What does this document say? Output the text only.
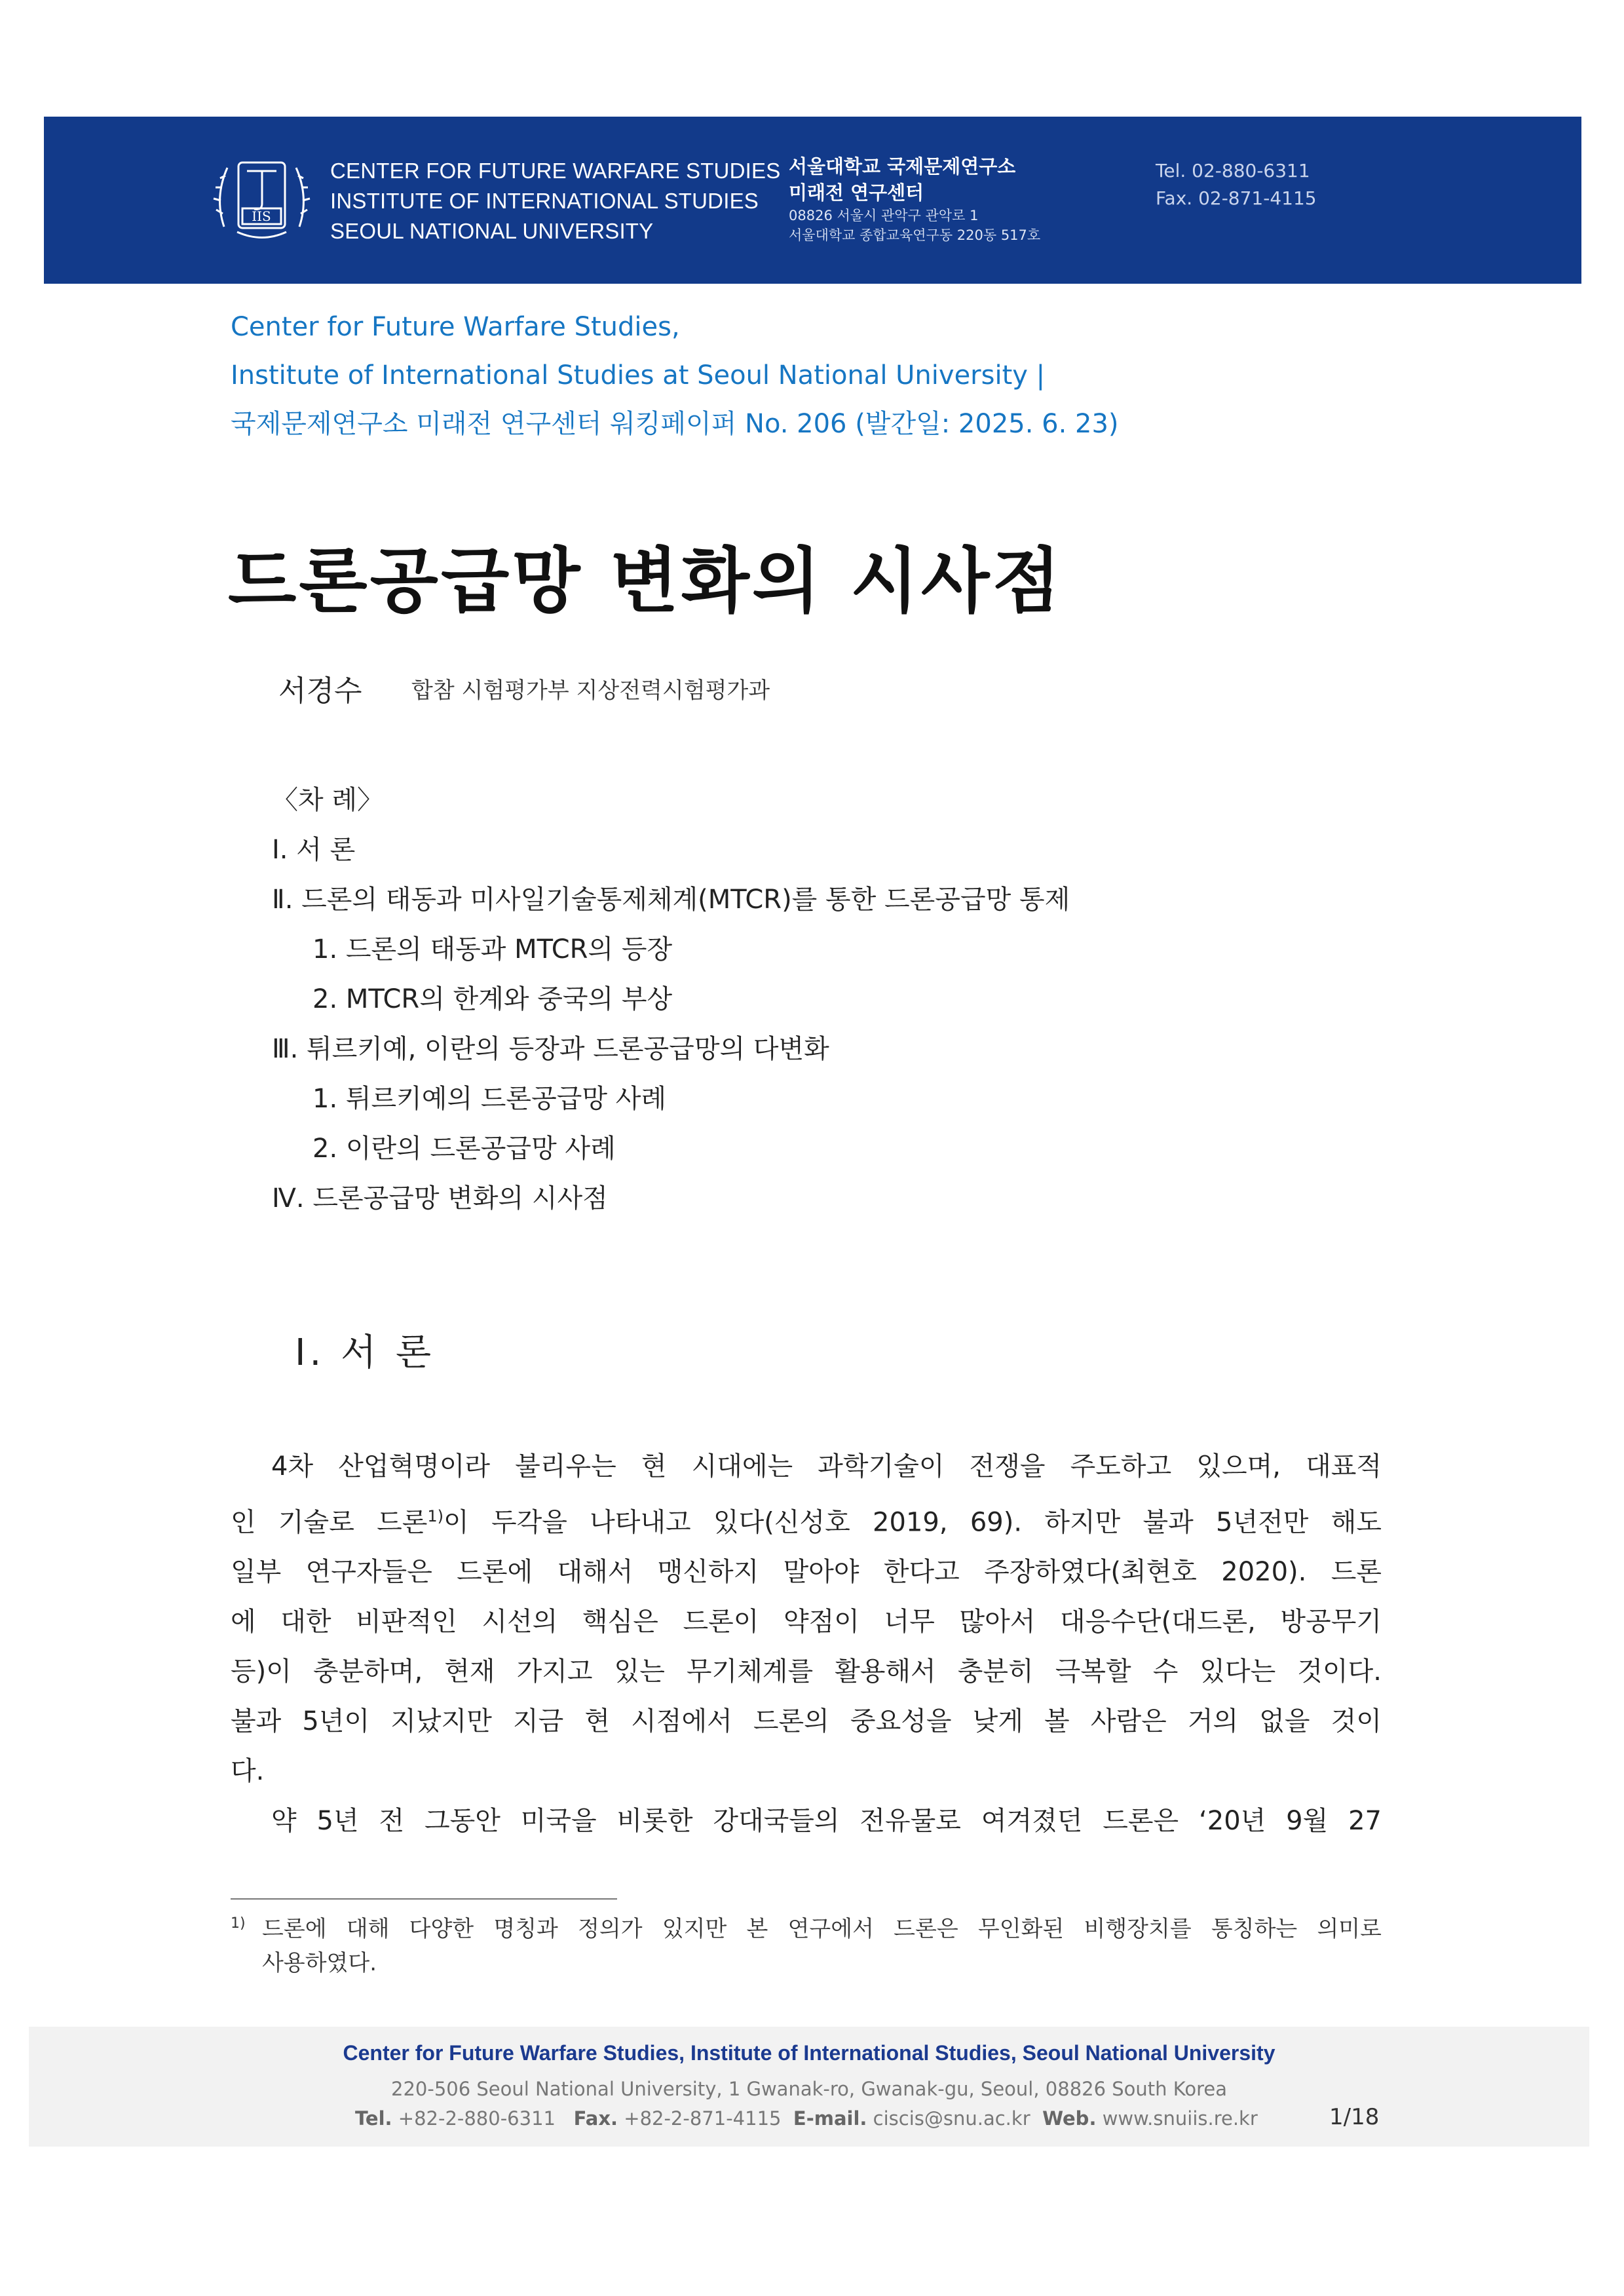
IIS
CENTER FOR FUTURE WARFARE STUDIES
INSTITUTE OF INTERNATIONAL STUDIES
SEOUL NATIONAL UNIVERSITY
서울대학교 국제문제연구소
미래전 연구센터
08826 서울시 관악구 관악로 1
서울대학교 종합교육연구동 220동 517호
Tel. 02-880-6311
Fax. 02-871-4115
Center for Future Warfare Studies,
Institute of International Studies at Seoul National University |
국제문제연구소 미래전 연구센터 워킹페이퍼 No. 206 (발간일: 2025. 6. 23)
드론공급망 변화의 시사점
서경수 합참 시험평가부 지상전력시험평가과
〈차 례〉
Ⅰ. 서 론
Ⅱ. 드론의 태동과 미사일기술통제체계(MTCR)를 통한 드론공급망 통제
1. 드론의 태동과 MTCR의 등장
2. MTCR의 한계와 중국의 부상
Ⅲ. 튀르키예, 이란의 등장과 드론공급망의 다변화
1. 튀르키예의 드론공급망 사례
2. 이란의 드론공급망 사례
Ⅳ. 드론공급망 변화의 시사점
Ⅰ. 서 론

4차 산업혁명이라 불리우는 현 시대에는 과학기술이 전쟁을 주도하고 있으며, 대표적

인 기술로 드론$^{1)}$이 두각을 나타내고 있다(신성호 2019, 69). 하지만 불과 5년전만 해도

일부 연구자들은 드론에 대해서 맹신하지 말아야 한다고 주장하였다(최현호 2020). 드론

에 대한 비판적인 시선의 핵심은 드론이 약점이 너무 많아서 대응수단(대드론, 방공무기

등)이 충분하며, 현재 가지고 있는 무기체계를 활용해서 충분히 극복할 수 있다는 것이다.

불과 5년이 지났지만 지금 현 시점에서 드론의 중요성을 낮게 볼 사람은 거의 없을 것이

다.

약 5년 전 그동안 미국을 비롯한 강대국들의 전유물로 여겨졌던 드론은 ‘20년 9월 27

1) 드론에 대해 다양한 명칭과 정의가 있지만 본 연구에서 드론은 무인화된 비행장치를 통칭하는 의미로
사용하였다.
Center for Future Warfare Studies, Institute of International Studies, Seoul National University
220-506 Seoul National University, 1 Gwanak-ro, Gwanak-gu, Seoul, 08826 South Korea
Tel. +82-2-880-6311 Fax. +82-2-871-4115 E-mail. ciscis@snu.ac.kr Web. www.snuiis.re.kr	1/18
